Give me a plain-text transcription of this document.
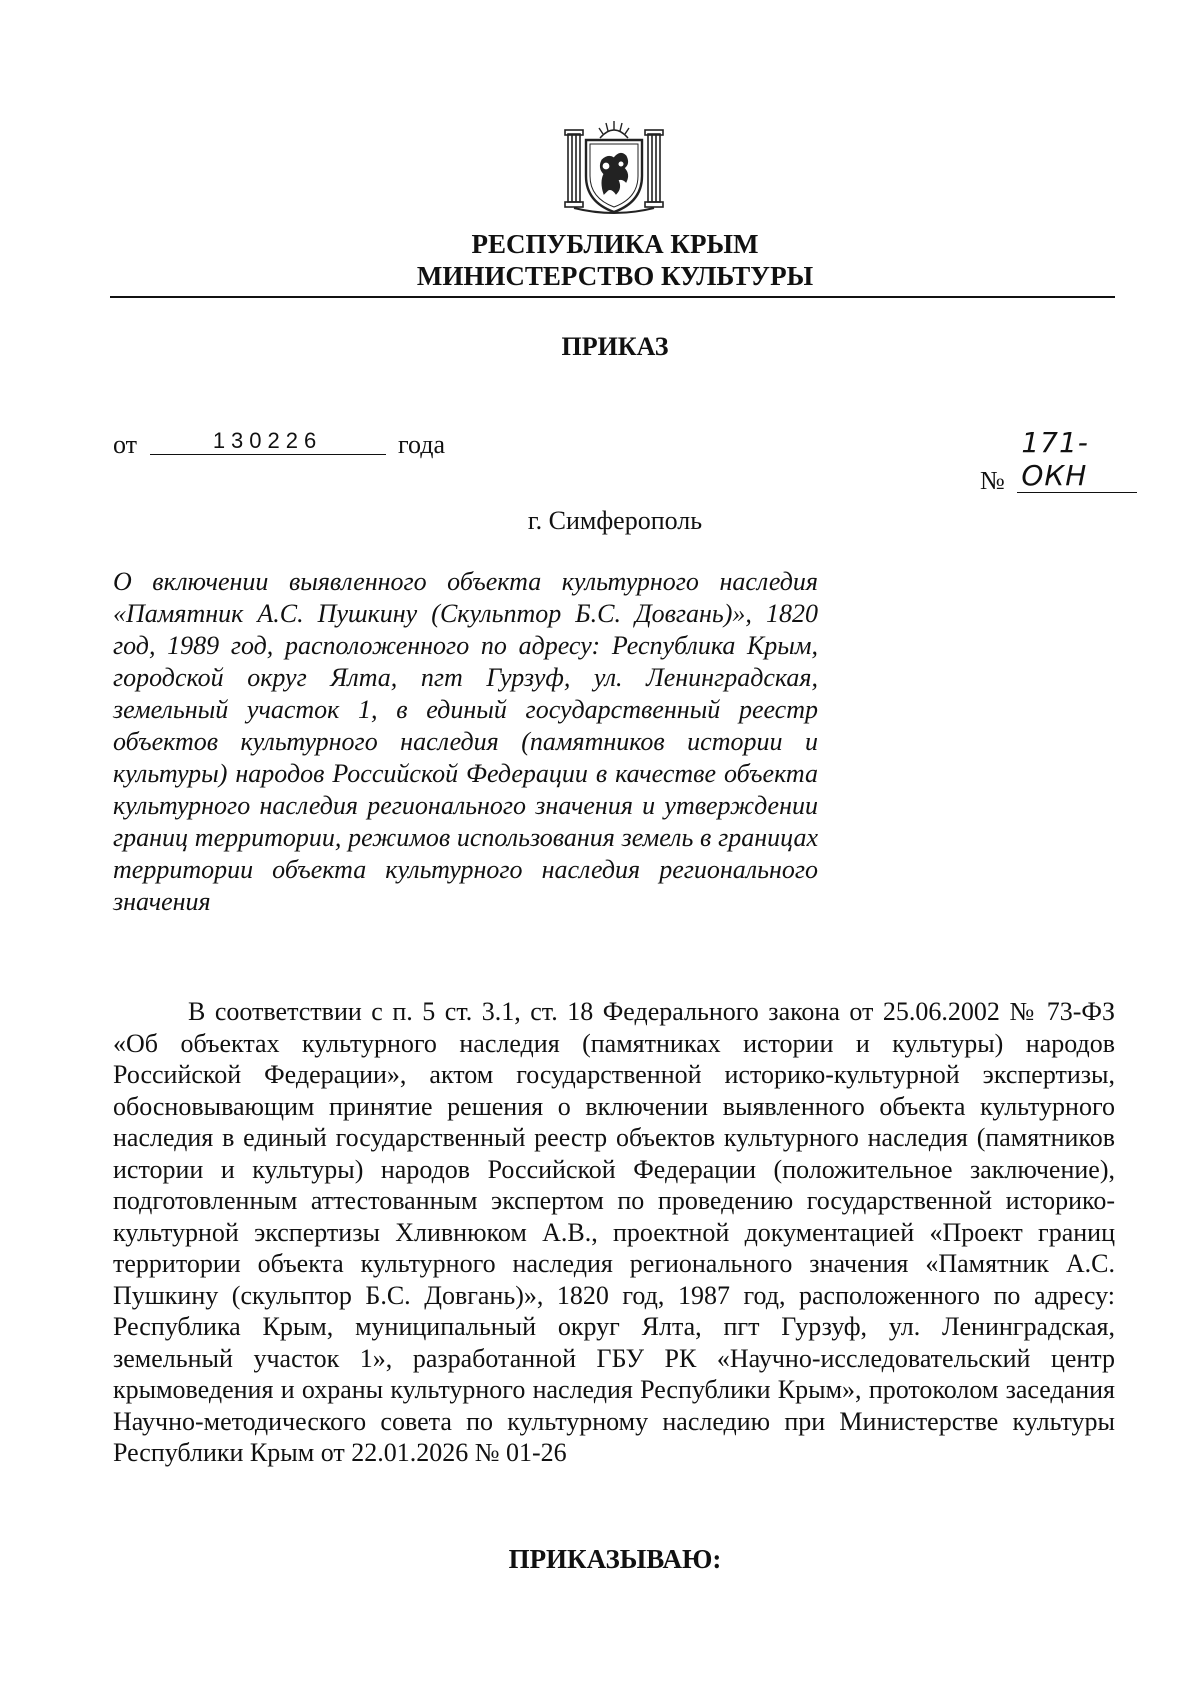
РЕСПУБЛИКА КРЫМ
МИНИСТЕРСТВО КУЛЬТУРЫ
ПРИКАЗ
от	130226	года
№ 171-ОКН
г. Симферополь
О включении выявленного объекта культурного наследия «Памятник А.С. Пушкину (Скульптор Б.С. Довгань)», 1820 год, 1989 год, расположенного по адресу: Республика Крым, городской округ Ялта, пгт Гурзуф, ул. Ленинградская, земельный участок 1, в единый государственный реестр объектов культурного наследия (памятников истории и культуры) народов Российской Федерации в качестве объекта культурного наследия регионального значения и утверждении границ территории, режимов использования земель в границах территории объекта культурного наследия регионального значения
В соответствии с п. 5 ст. 3.1, ст. 18 Федерального закона от 25.06.2002 № 73-ФЗ «Об объектах культурного наследия (памятниках истории и культуры) народов Российской Федерации», актом государственной историко-культурной экспертизы, обосновывающим принятие решения о включении выявленного объекта культурного наследия в единый государственный реестр объектов культурного наследия (памятников истории и культуры) народов Российской Федерации (положительное заключение), подготовленным аттестованным экспертом по проведению государственной историко-культурной экспертизы Хливнюком А.В., проектной документацией «Проект границ территории объекта культурного наследия регионального значения «Памятник А.С. Пушкину (скульптор Б.С. Довгань)», 1820 год, 1987 год, расположенного по адресу: Республика Крым, муниципальный округ Ялта, пгт Гурзуф, ул. Ленинградская, земельный участок 1», разработанной ГБУ РК «Научно-исследовательский центр крымоведения и охраны культурного наследия Республики Крым», протоколом заседания Научно-методического совета по культурному наследию при Министерстве культуры Республики Крым от 22.01.2026 № 01-26
ПРИКАЗЫВАЮ:
